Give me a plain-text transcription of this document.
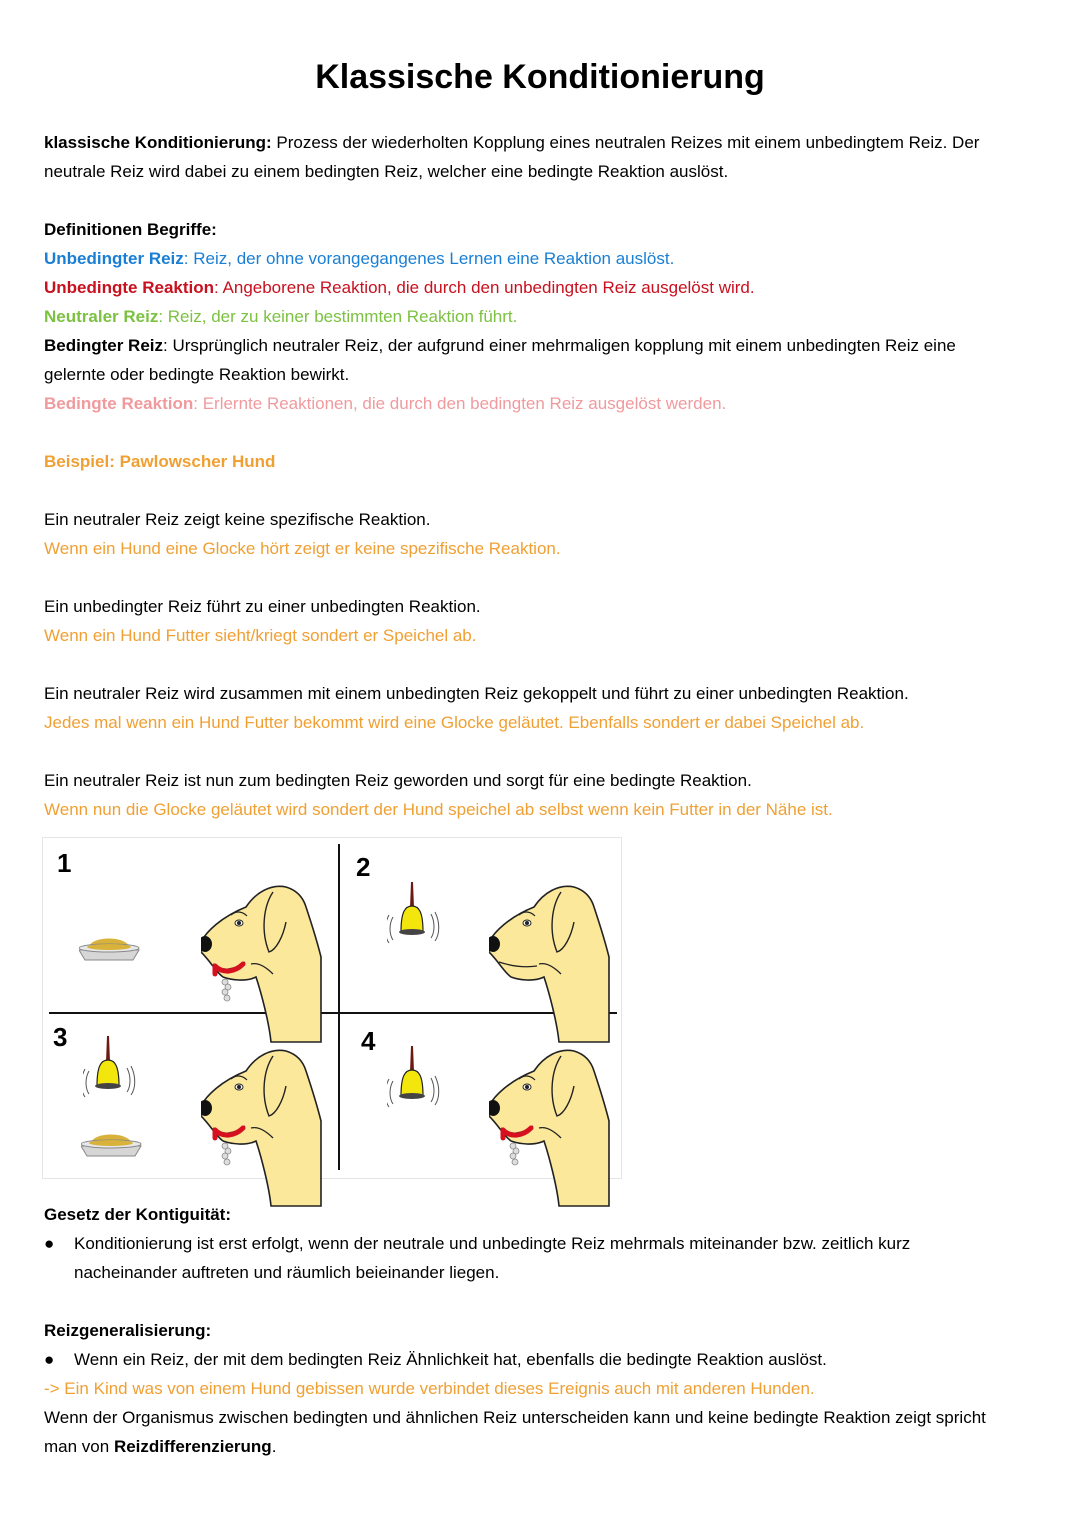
Klassische Konditionierung
klassische Konditionierung: Prozess der wiederholten Kopplung eines neutralen Reizes mit einem unbedingtem Reiz. Der
neutrale Reiz wird dabei zu einem bedingten Reiz, welcher eine bedingte Reaktion auslöst.
Definitionen Begriffe:
Unbedingter Reiz: Reiz, der ohne vorangegangenes Lernen eine Reaktion auslöst.
Unbedingte Reaktion: Angeborene Reaktion, die durch den unbedingten Reiz ausgelöst wird.
Neutraler Reiz: Reiz, der zu keiner bestimmten Reaktion führt.
Bedingter Reiz: Ursprünglich neutraler Reiz, der aufgrund einer mehrmaligen kopplung mit einem unbedingten Reiz eine
gelernte oder bedingte Reaktion bewirkt.
Bedingte Reaktion: Erlernte Reaktionen, die durch den bedingten Reiz ausgelöst werden.
Beispiel: Pawlowscher Hund
Ein neutraler Reiz zeigt keine spezifische Reaktion.
Wenn ein Hund eine Glocke hört zeigt er keine spezifische Reaktion.
Ein unbedingter Reiz führt zu einer unbedingten Reaktion.
Wenn ein Hund Futter sieht/kriegt sondert er Speichel ab.
Ein neutraler Reiz wird zusammen mit einem unbedingten Reiz gekoppelt und führt zu einer unbedingten Reaktion.
Jedes mal wenn ein Hund Futter bekommt wird eine Glocke geläutet. Ebenfalls sondert er dabei Speichel ab.
Ein neutraler Reiz ist nun zum bedingten Reiz geworden und sorgt für eine bedingte Reaktion.
Wenn nun die Glocke geläutet wird sondert der Hund speichel ab selbst wenn kein Futter in der Nähe ist.
1	2
3	4
Gesetz der Kontiguität:
● Konditionierung ist erst erfolgt, wenn der neutrale und unbedingte Reiz mehrmals miteinander bzw. zeitlich kurz
nacheinander auftreten und räumlich beieinander liegen.
Reizgeneralisierung:
● Wenn ein Reiz, der mit dem bedingten Reiz Ähnlichkeit hat, ebenfalls die bedingte Reaktion auslöst.
-> Ein Kind was von einem Hund gebissen wurde verbindet dieses Ereignis auch mit anderen Hunden.
Wenn der Organismus zwischen bedingten und ähnlichen Reiz unterscheiden kann und keine bedingte Reaktion zeigt spricht
man von Reizdifferenzierung.
